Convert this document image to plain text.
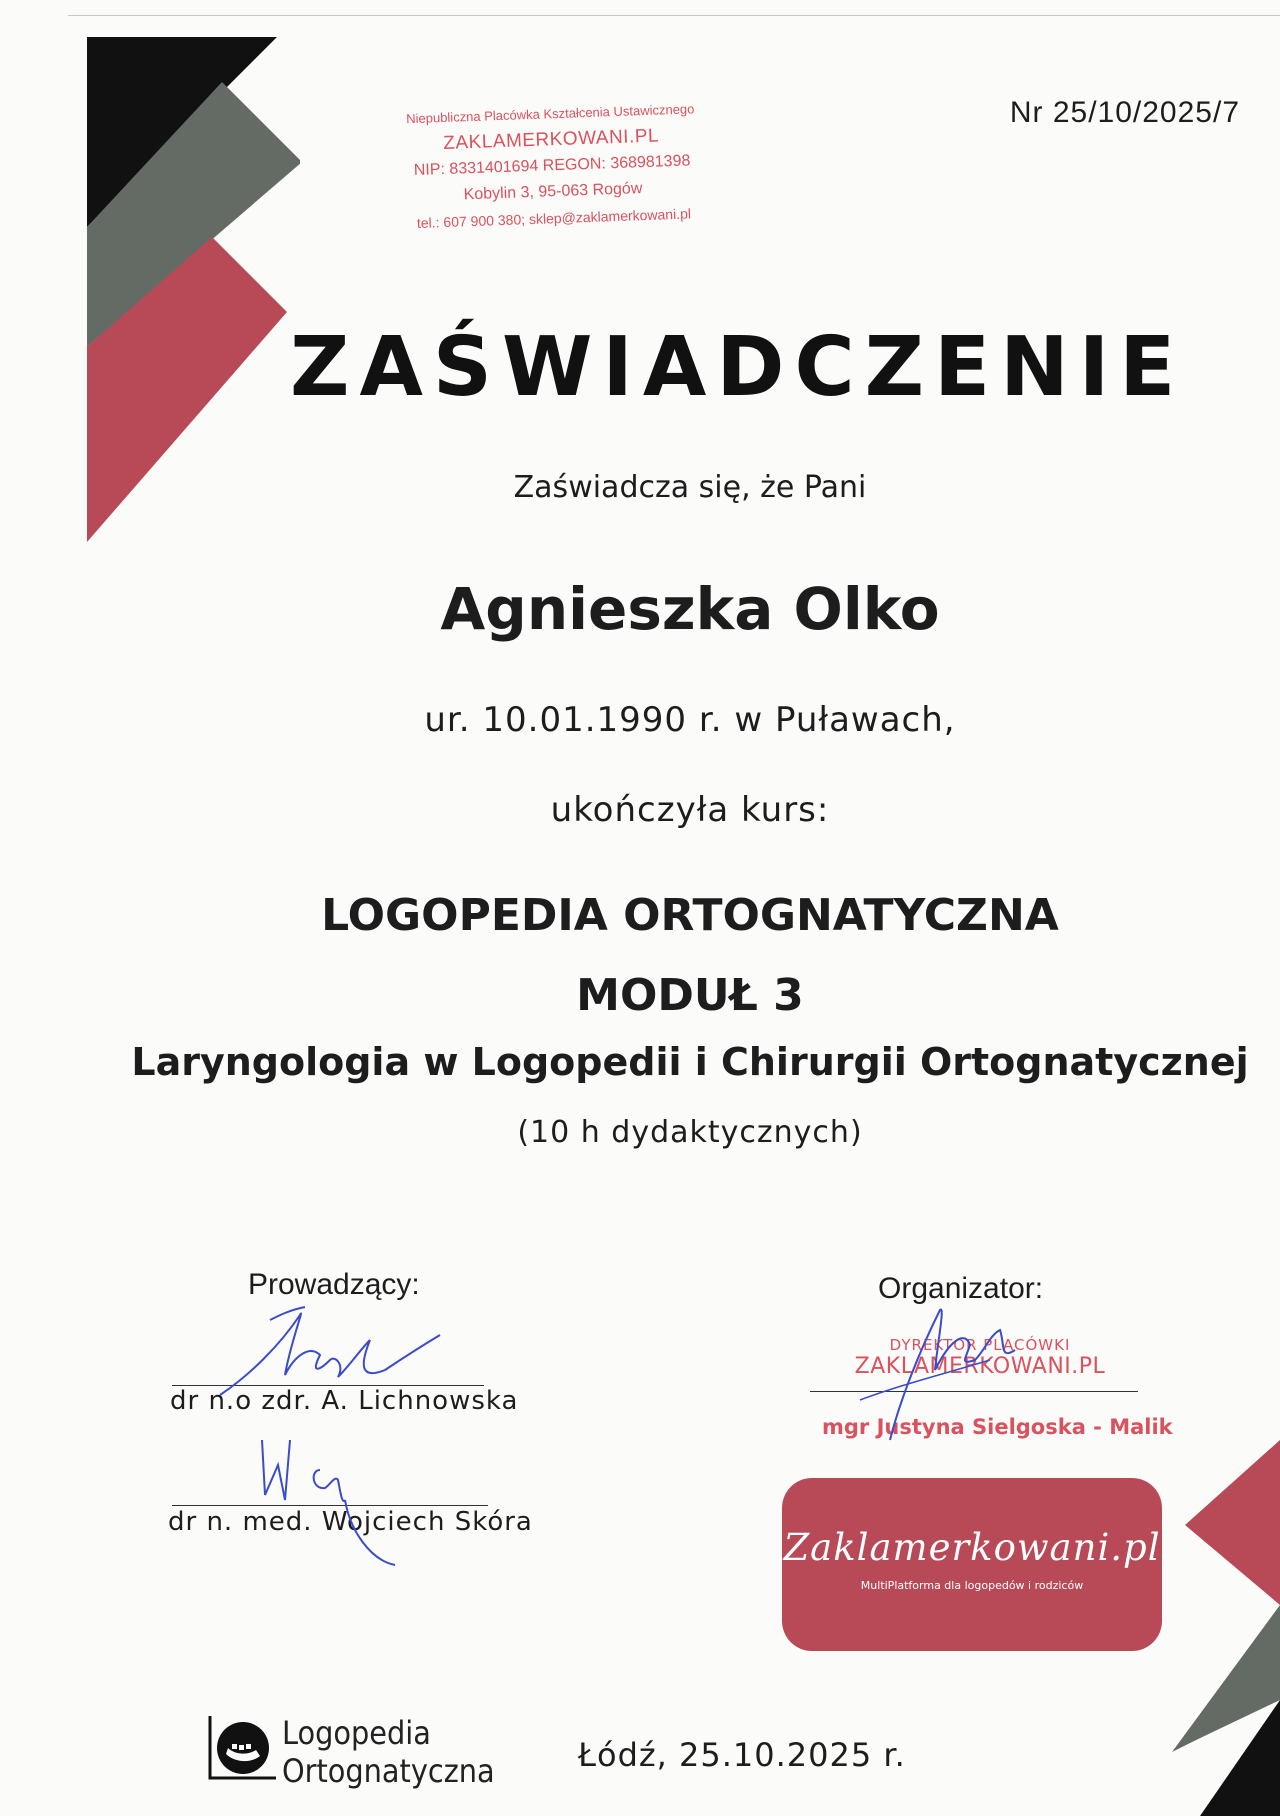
Niepubliczna Placówka Kształcenia Ustawicznego
ZAKLAMERKOWANI.PL
NIP: 8331401694 REGON: 368981398
Kobylin 3, 95-063 Rogów
tel.: 607 900 380; sklep@zaklamerkowani.pl
Nr 25/10/2025/7
ZAŚWIADCZENIE
Zaświadcza się, że Pani
Agnieszka Olko
ur. 10.01.1990 r. w Puławach,
ukończyła kurs:
LOGOPEDIA ORTOGNATYCZNA
MODUŁ 3
Laryngologia w Logopedii i Chirurgii Ortognatycznej
(10 h dydaktycznych)
Prowadzący:
dr n.o zdr. A. Lichnowska
dr n. med. Wojciech Skóra
Organizator:
DYREKTOR PLACÓWKI
ZAKLAMERKOWANI.PL
mgr Justyna Sielgoska - Malik
Zaklamerkowani.pl
MultiPlatforma dla logopedów i rodziców
Logopedia
Ortognatyczna	Łódź, 25.10.2025 r.
